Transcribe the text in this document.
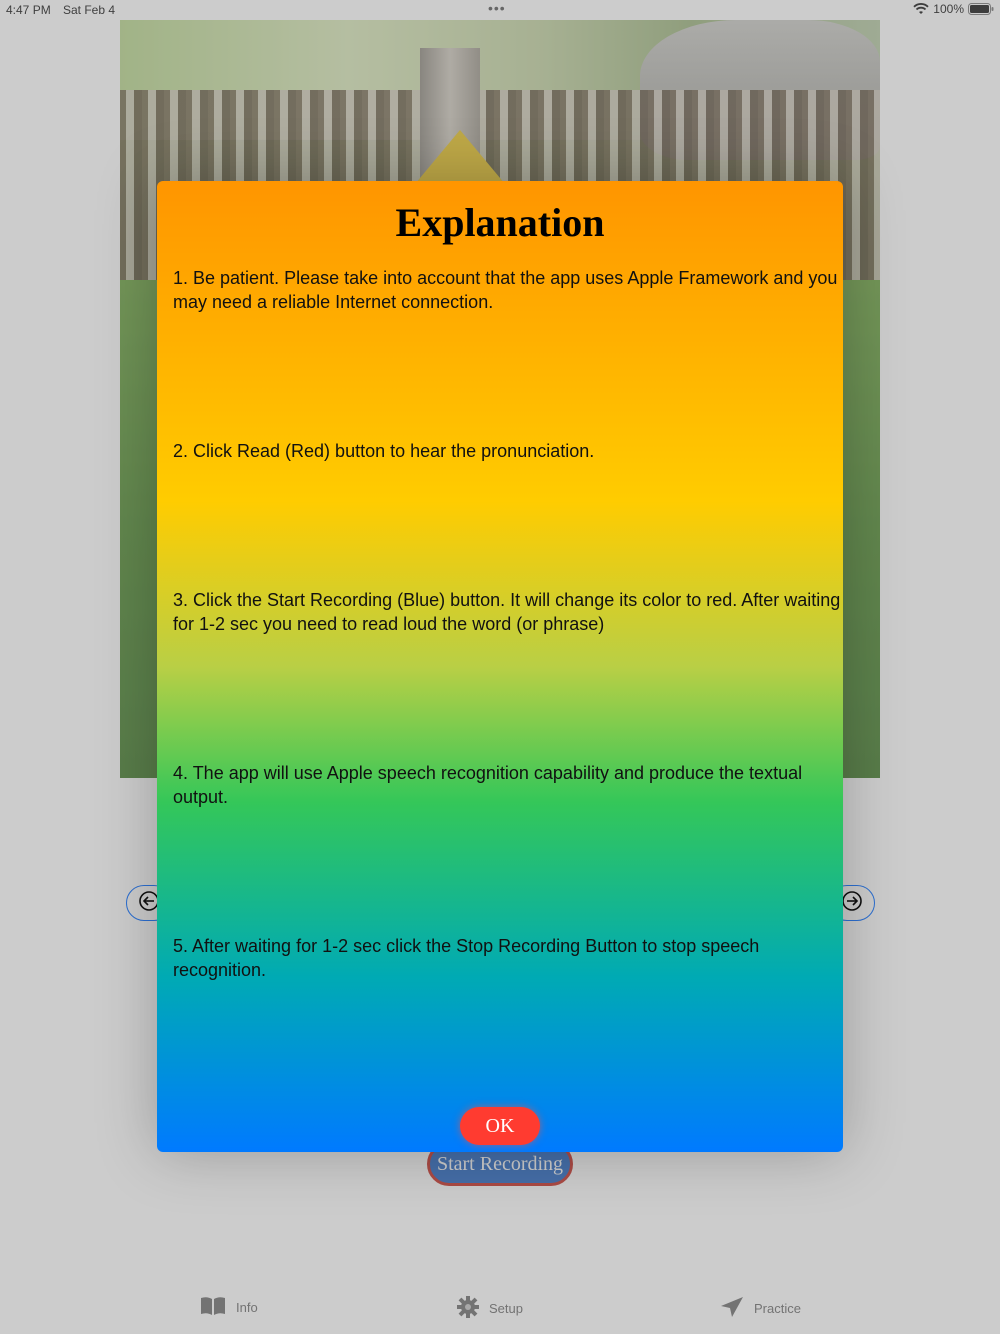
4:47 PM Sat Feb 4	•••	100%
Start Recording
Info	Setup	Practice
Explanation
1. Be patient. Please take into account that the app uses Apple Framework and you may need a reliable Internet connection.
2. Click Read (Red) button to hear the pronunciation.
3. Click the Start Recording (Blue) button. It will change its color to red. After waiting for 1-2 sec you need to read loud the word (or phrase)
4. The app will use Apple speech recognition capability and produce the textual output.
5. After waiting for 1-2 sec click the Stop Recording Button to stop speech recognition.
OK
